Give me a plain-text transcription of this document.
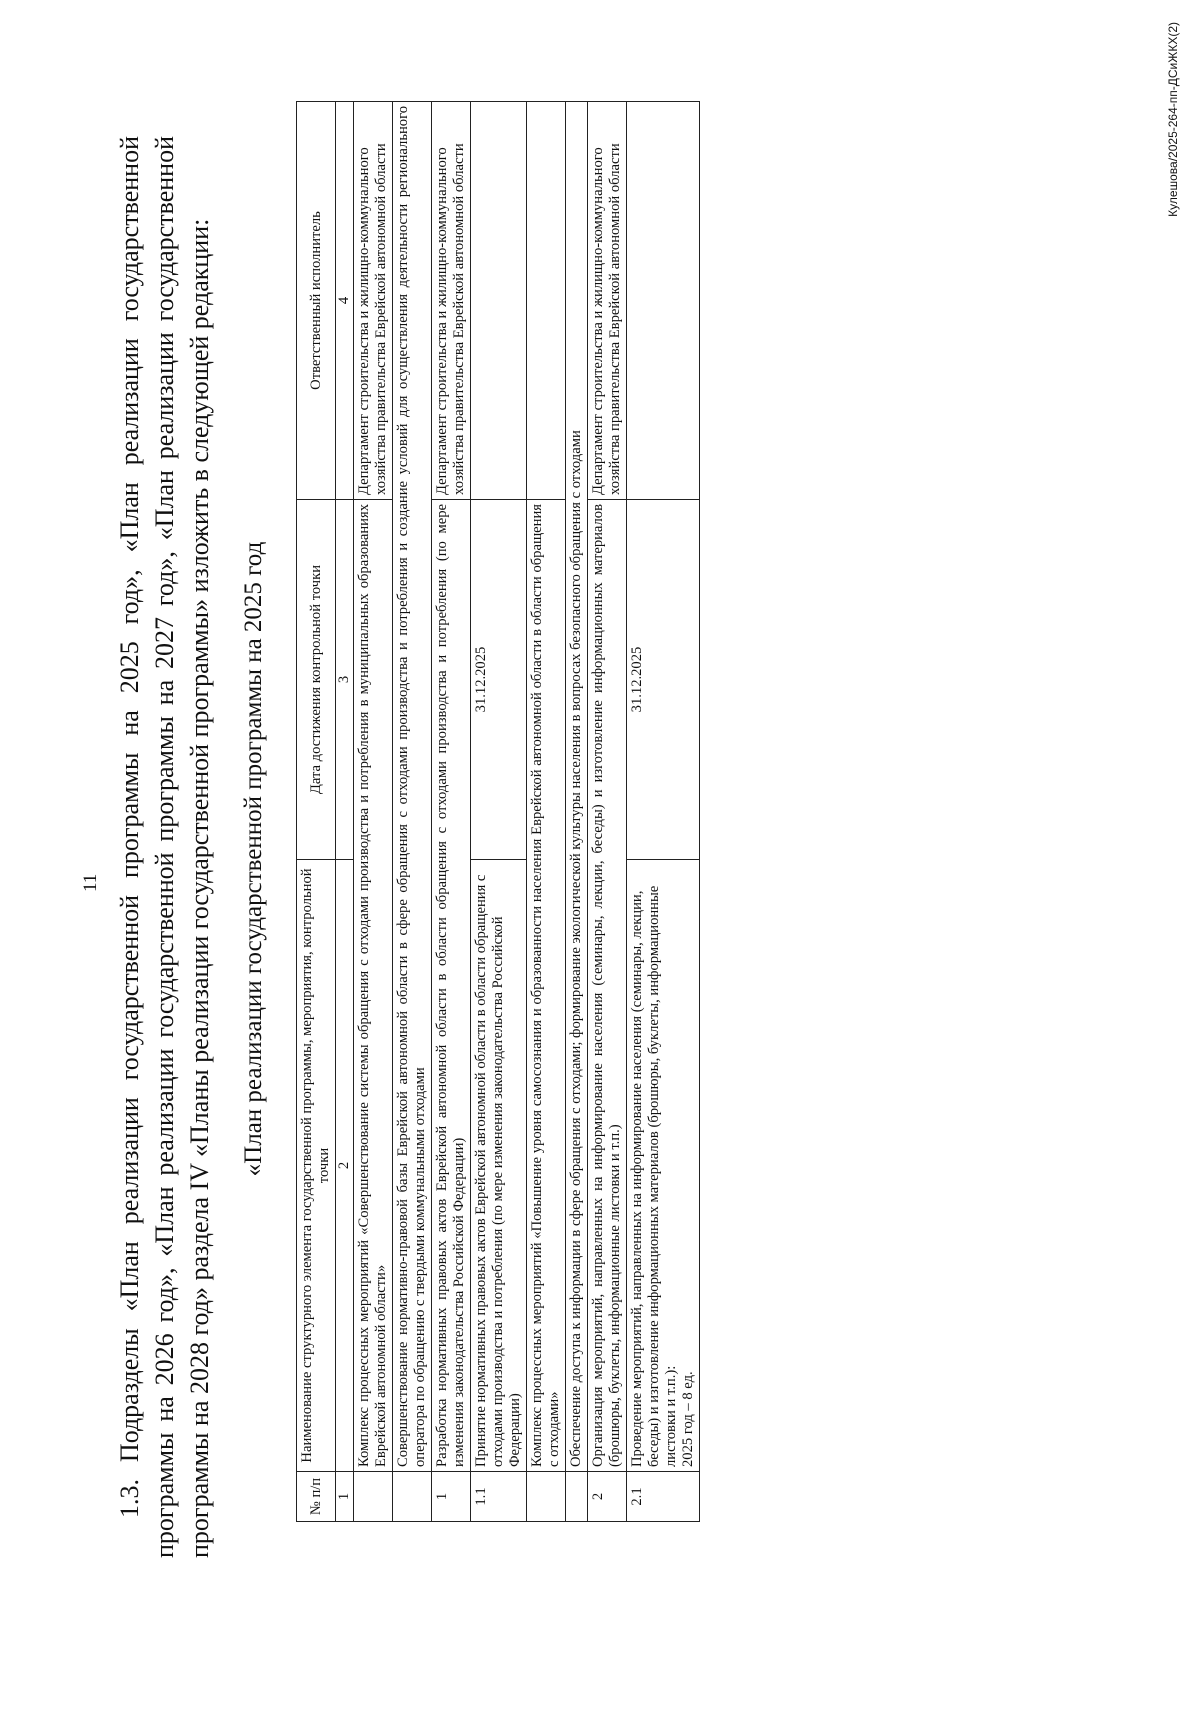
11 1.3. Подразделы «План реализации государственной программы на 2025 год», «План реализации государственной программы на 2026 год», «План реализации государственной программы на 2027 год», «План реализации государственной программы на 2028 год» раздела IV «Планы реализации государственной программы» изложить в следующей редакции: «План реализации государственной программы на 2025 год
№ п/п	Наименование структурного элемента государственной программы, мероприятия, контрольной точки	Дата достижения контрольной точки	Ответственный исполнитель
1	2	3	4
	Комплекс процессных мероприятий «Совершенствование системы обращения с отходами производства и потребления в муниципальных образованиях Еврейской автономной области»		Департамент строительства и жилищно-коммунального хозяйства правительства Еврейской автономной области
	Совершенствование нормативно-правовой базы Еврейской автономной области в сфере обращения с отходами производства и потребления и создание условий для осуществления деятельности регионального оператора по обращению с твердыми коммунальными отходами		
1	Разработка нормативных правовых актов Еврейской автономной области в области обращения с отходами производства и потребления (по мере изменения законодательства Российской Федерации)		Департамент строительства и жилищно-коммунального хозяйства правительства Еврейской автономной области
1.1	Принятие нормативных правовых актов Еврейской автономной области в области обращения с отходами производства и потребления (по мере изменения законодательства Российской Федерации)	31.12.2025	
	Комплекс процессных мероприятий «Повышение уровня самосознания и образованности населения Еврейской автономной области в области обращения с отходами»		
	Обеспечение доступа к информации в сфере обращения с отходами; формирование экологической культуры населения в вопросах безопасного обращения с отходами		
2	Организация мероприятий, направленных на информирование населения (семинары, лекции, беседы) и изготовление информационных материалов (брошюры, буклеты, информационные листовки и т.п.)		Департамент строительства и жилищно-коммунального хозяйства правительства Еврейской автономной области
2.1	Проведение мероприятий, направленных на информирование населения (семинары, лекции, беседы) и изготовление информационных материалов (брошюры, буклеты, информационные листовки и т.п.): 2025 год – 8 ед.	31.12.2025	
Кулешова/2025-264-пп-ДСиЖКХ(2)
